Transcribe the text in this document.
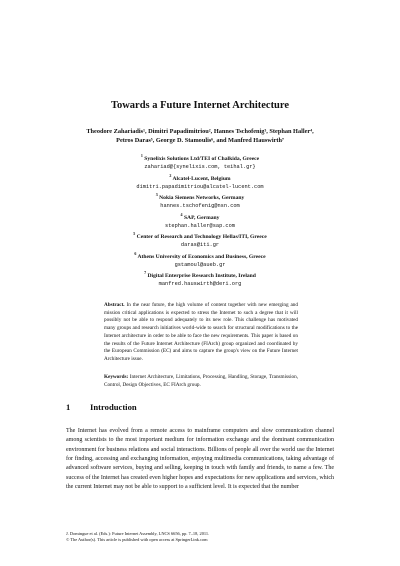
Towards a Future Internet Architecture
Theodore Zahariadis¹, Dimitri Papadimitriou², Hannes Tschofenig³, Stephan Haller⁴,
Petros Daras⁵, George D. Stamoulis⁶, and Manfred Hauswirth⁷
$^1$ Synelixis Solutions Ltd/TEI of Chalkida, Greece
zahariad@{synelixis.com, teihal.gr}
$^2$ Alcatel-Lucent, Belgium
dimitri.papadimitriou@alcatel-lucent.com
$^3$ Nokia Siemens Networks, Germany
hannes.tschofenig@nsn.com
$^4$ SAP, Germany
stephan.haller@sap.com
$^5$ Center of Research and Technology Hellas/ITI, Greece
daras@iti.gr
$^6$ Athens University of Economics and Business, Greece
gstamoul@aueb.gr
$^7$ Digital Enterprise Research Institute, Ireland
manfred.hauswirth@deri.org
Abstract. In the near future, the high volume of content together with new emerging and mission critical applications is expected to stress the Internet to such a degree that it will possibly not be able to respond adequately to its new role. This challenge has motivated many groups and research initiatives world-wide to search for structural modifications to the Internet architecture in order to be able to face the new requirements. This paper is based on the results of the Future Internet Architecture (FIArch) group organized and coordinated by the European Commission (EC) and aims to capture the group's view on the Future Internet Architecture issue.
Keywords: Internet Architecture, Limitations, Processing, Handling, Storage, Transmission, Control, Design Objectives, EC FIArch group.
1 Introduction
The Internet has evolved from a remote access to mainframe computers and slow communication channel among scientists to the most important medium for information exchange and the dominant communication environment for business relations and social interactions. Billions of people all over the world use the Internet for finding, accessing and exchanging information, enjoying multimedia communications, taking advantage of advanced software services, buying and selling, keeping in touch with family and friends, to name a few. The success of the Internet has created even higher hopes and expectations for new applications and services, which the current Internet may not be able to support to a sufficient level. It is expected that the number
J. Domingue et al. (Eds.): Future Internet Assembly, LNCS 6656, pp. 7–18, 2011.
© The Author(s). This article is published with open access at SpringerLink.com
